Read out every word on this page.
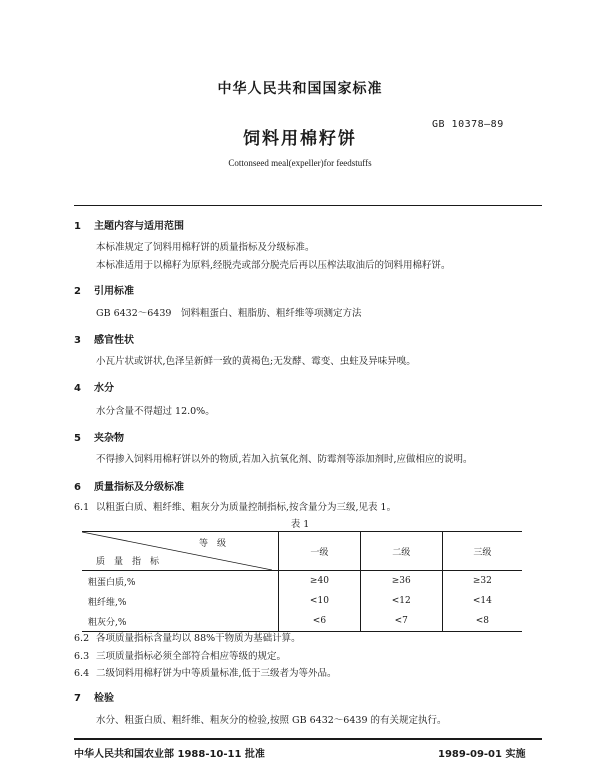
中华人民共和国国家标准
饲料用棉籽饼
GB 10378—89
Cottonseed meal(expeller)for feedstuffs
1 主题内容与适用范围
本标准规定了饲料用棉籽饼的质量指标及分级标准。
本标准适用于以棉籽为原料,经脱壳或部分脱壳后再以压榨法取油后的饲料用棉籽饼。
2 引用标准
GB 6432～6439　饲料粗蛋白、粗脂肪、粗纤维等项测定方法
3 感官性状
小瓦片状或饼状,色泽呈新鲜一致的黄褐色;无发酵、霉变、虫蛀及异味异嗅。
4 水分
水分含量不得超过 12.0%。
5 夹杂物
不得掺入饲料用棉籽饼以外的物质,若加入抗氧化剂、防霉剂等添加剂时,应做相应的说明。
6 质量指标及分级标准
6.1 以粗蛋白质、粗纤维、粗灰分为质量控制指标,按含量分为三级,见表 1。
表 1
等　级
质　量　指　标	一级	二级	三级
粗蛋白质,%	≥40	≥36	≥32
粗纤维,%	<10	<12	<14
粗灰分,%	<6	<7	<8
6.2 各项质量指标含量均以 88%干物质为基础计算。
6.3 三项质量指标必须全部符合相应等级的规定。
6.4 二级饲料用棉籽饼为中等质量标准,低于三级者为等外品。
7 检验
水分、粗蛋白质、粗纤维、粗灰分的检验,按照 GB 6432～6439 的有关规定执行。
中华人民共和国农业部 1988-10-11 批准	1989-09-01 实施
